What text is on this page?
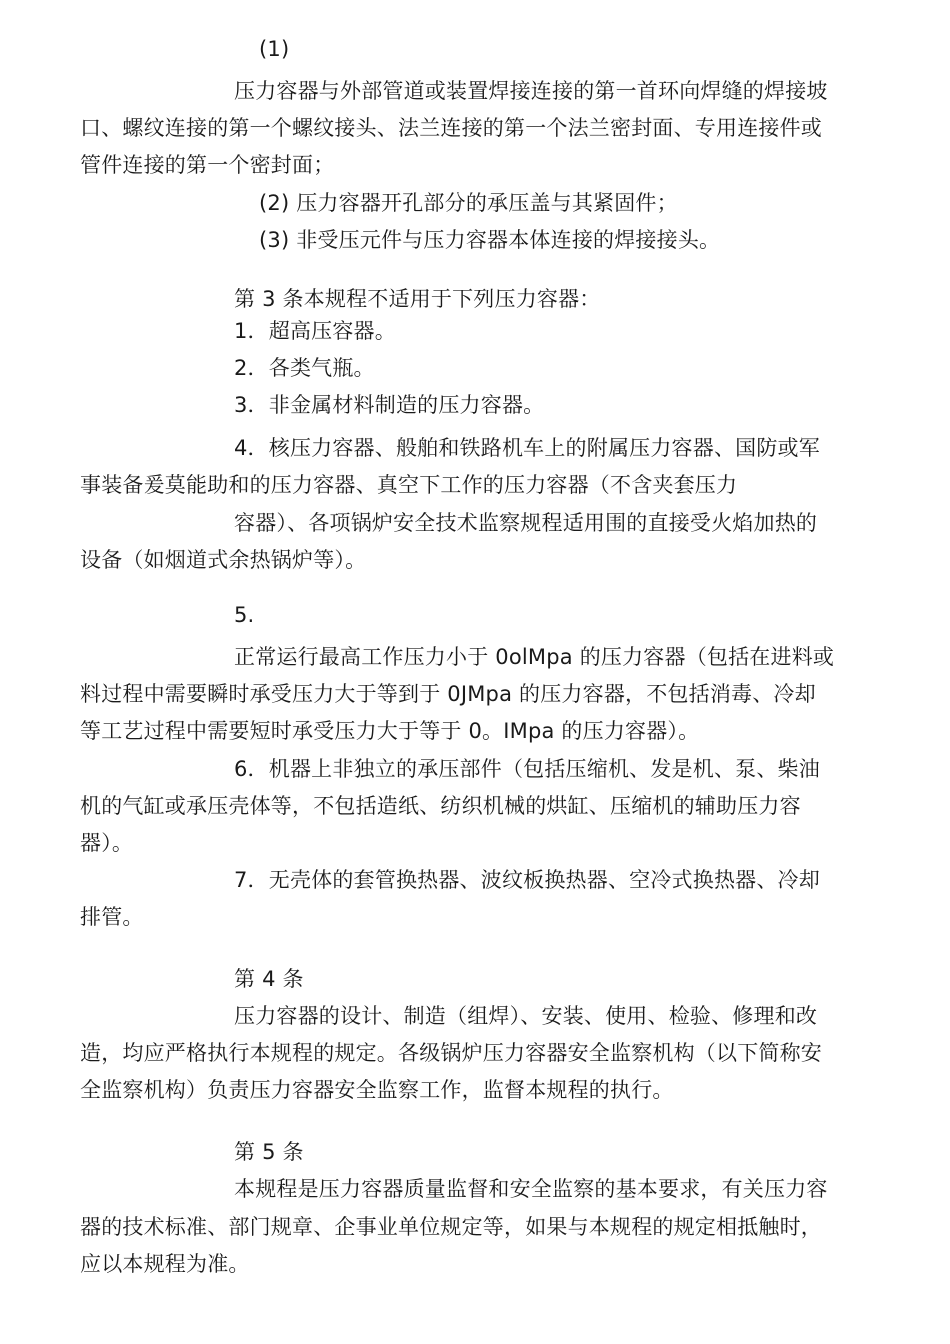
(1)
压力容器与外部管道或装置焊接连接的第一首环向焊缝的焊接坡
口、螺纹连接的第一个螺纹接头、法兰连接的第一个法兰密封面、专用连接件或
管件连接的第一个密封面；
(2) 压力容器开孔部分的承压盖与其紧固件；
(3) 非受压元件与压力容器本体连接的焊接接头。
第 3 条本规程不适用于下列压力容器：
1．超高压容器。
2．各类气瓶。
3．非金属材料制造的压力容器。
4．核压力容器、般舶和铁路机车上的附属压力容器、国防或军
事装备爰莫能助和的压力容器、真空下工作的压力容器（不含夹套压力
容器）、各项锅炉安全技术监察规程适用围的直接受火焰加热的
设备（如烟道式余热锅炉等）。
5.
正常运行最高工作压力小于 0olMpa 的压力容器（包括在进料或
料过程中需要瞬时承受压力大于等到于 0JMpa 的压力容器，不包括消毒、冷却
等工艺过程中需要短时承受压力大于等于 0。IMpa 的压力容器）。
6．机器上非独立的承压部件（包括压缩机、发是机、泵、柴油
机的气缸或承压壳体等，不包括造纸、纺织机械的烘缸、压缩机的辅助压力容
器）。
7．无壳体的套管换热器、波纹板换热器、空冷式换热器、冷却
排管。
第 4 条
压力容器的设计、制造（组焊）、安装、使用、检验、修理和改
造，均应严格执行本规程的规定。各级锅炉压力容器安全监察机构（以下简称安
全监察机构）负责压力容器安全监察工作，监督本规程的执行。
第 5 条
本规程是压力容器质量监督和安全监察的基本要求，有关压力容
器的技术标准、部门规章、企事业单位规定等，如果与本规程的规定相抵触时，
应以本规程为准。
